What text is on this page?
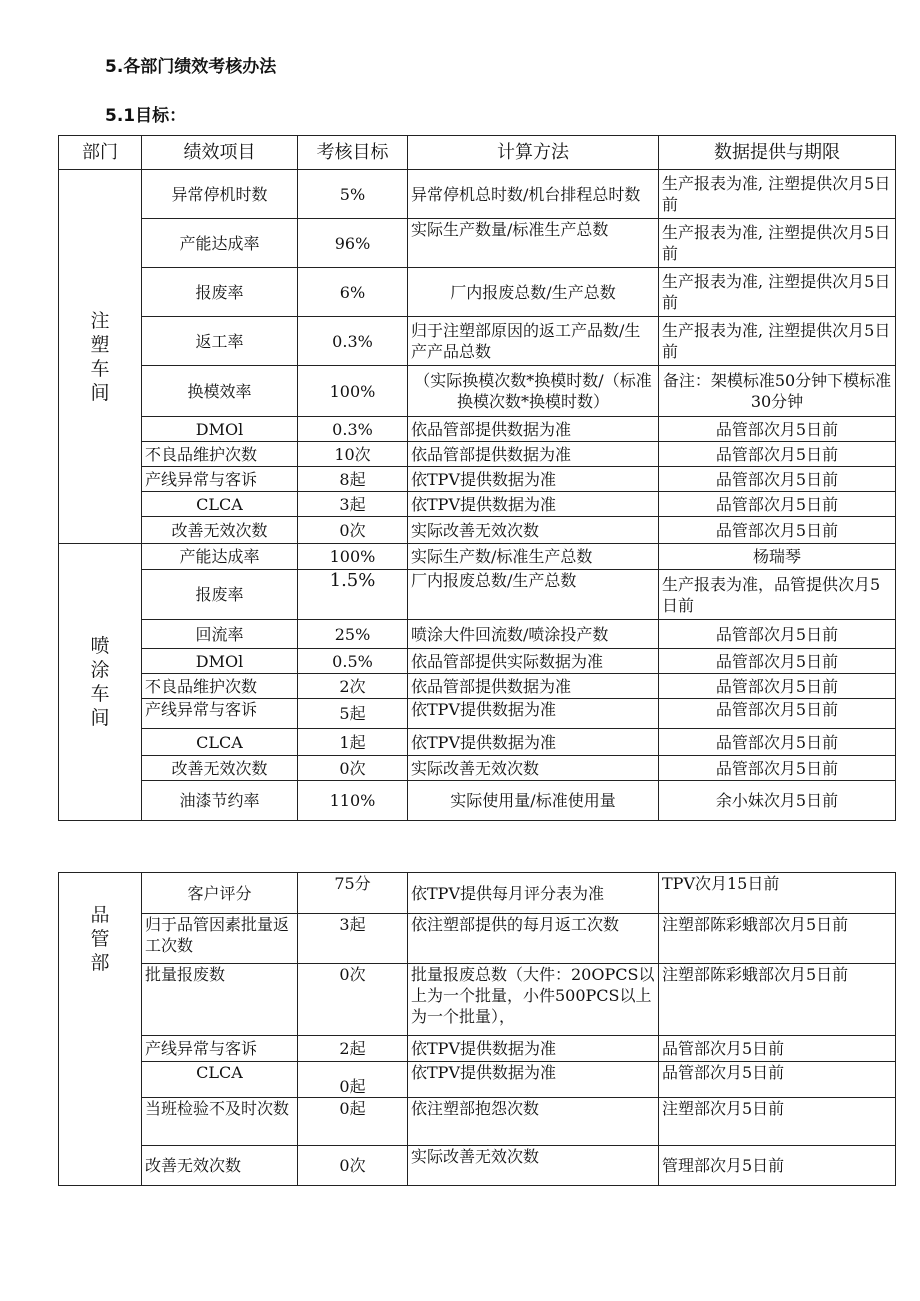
5.各部门绩效考核办法
5.1目标：
部门	绩效项目	考核目标	计算方法	数据提供与期限
注塑车间	异常停机时数	5%	异常停机总时数/机台排程总时数	生产报表为准, 注塑提供次月5日前
	产能达成率	96%	实际生产数量/标准生产总数	生产报表为准, 注塑提供次月5日前
	报废率	6%	厂内报废总数/生产总数	生产报表为准, 注塑提供次月5日前
	返工率	0.3%	归于注塑部原因的返工产品数/生产产品总数	生产报表为准, 注塑提供次月5日前
	换模效率	100%	（实际换模次数*换模时数/（标准换模次数*换模时数）	备注：架模标准50分钟下模标准30分钟
	DMOl	0.3%	依品管部提供数据为准	品管部次月5日前
	不良品维护次数	10次	依品管部提供数据为准	品管部次月5日前
	产线异常与客诉	8起	依TPV提供数据为准	品管部次月5日前
	CLCA	3起	依TPV提供数据为准	品管部次月5日前
	改善无效次数	0次	实际改善无效次数	品管部次月5日前
喷涂车间	产能达成率	100%	实际生产数/标准生产总数	杨瑞琴
	报废率	1.5%	厂内报废总数/生产总数	生产报表为准，品管提供次月5日前
	回流率	25%	喷涂大件回流数/喷涂投产数	品管部次月5日前
	DMOl	0.5%	依品管部提供实际数据为准	品管部次月5日前
	不良品维护次数	2次	依品管部提供数据为准	品管部次月5日前
	产线异常与客诉	5起	依TPV提供数据为准	品管部次月5日前
	CLCA	1起	依TPV提供数据为准	品管部次月5日前
	改善无效次数	0次	实际改善无效次数	品管部次月5日前
	油漆节约率	110%	实际使用量/标准使用量	余小妹次月5日前
品管部	客户评分	75分	依TPV提供每月评分表为准	TPV次月15日前
	归于品管因素批量返工次数	3起	依注塑部提供的每月返工次数	注塑部陈彩蛾部次月5日前
	批量报废数	0次	批量报废总数（大件：20OPCS以上为一个批量，小件500PCS以上为一个批量），	注塑部陈彩蛾部次月5日前
	产线异常与客诉	2起	依TPV提供数据为准	品管部次月5日前
	CLCA	0起	依TPV提供数据为准	品管部次月5日前
	当班检验不及时次数	0起	依注塑部抱怨次数	注塑部次月5日前
	改善无效次数	0次	实际改善无效次数	管理部次月5日前
